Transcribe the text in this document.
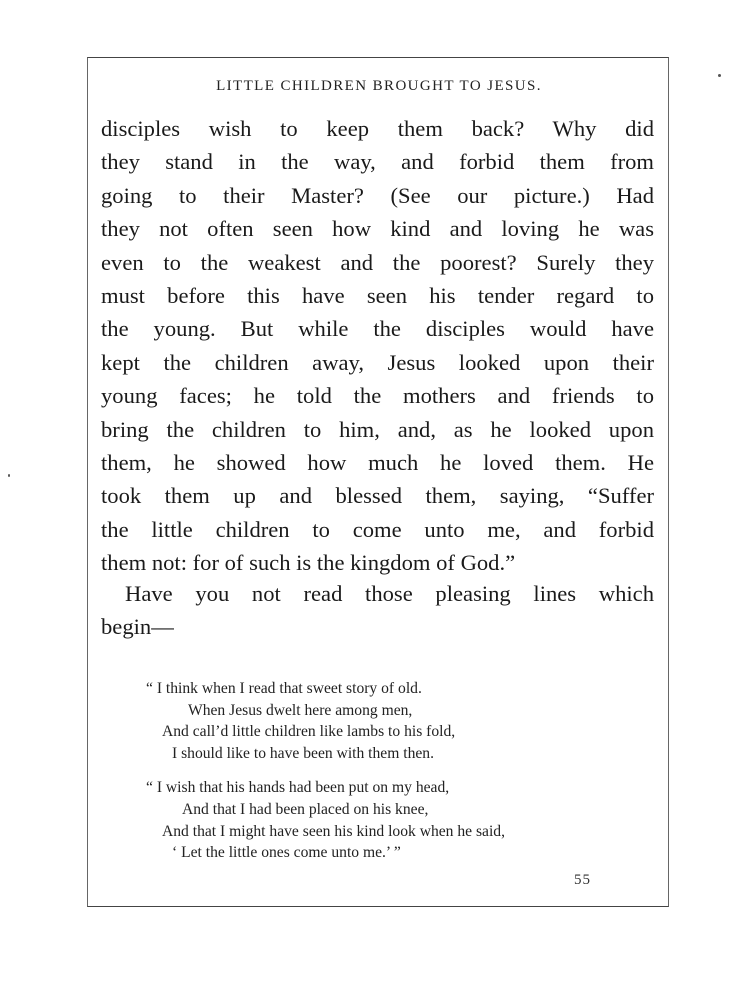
LITTLE CHILDREN BROUGHT TO JESUS.
disciples wish to keep them back? Why did
they stand in the way, and forbid them from
going to their Master? (See our picture.) Had
they not often seen how kind and loving he was
even to the weakest and the poorest? Surely they
must before this have seen his tender regard to
the young. But while the disciples would have
kept the children away, Jesus looked upon their
young faces; he told the mothers and friends to
bring the children to him, and, as he looked upon
them, he showed how much he loved them. He
took them up and blessed them, saying, “Suffer
the little children to come unto me, and forbid
them not: for of such is the kingdom of God.”
Have you not read those pleasing lines which
begin—
“ I think when I read that sweet story of old.
When Jesus dwelt here among men,
And call’d little children like lambs to his fold,
I should like to have been with them then.
“ I wish that his hands had been put on my head,
And that I had been placed on his knee,
And that I might have seen his kind look when he said,
‘ Let the little ones come unto me.’ ”
55
